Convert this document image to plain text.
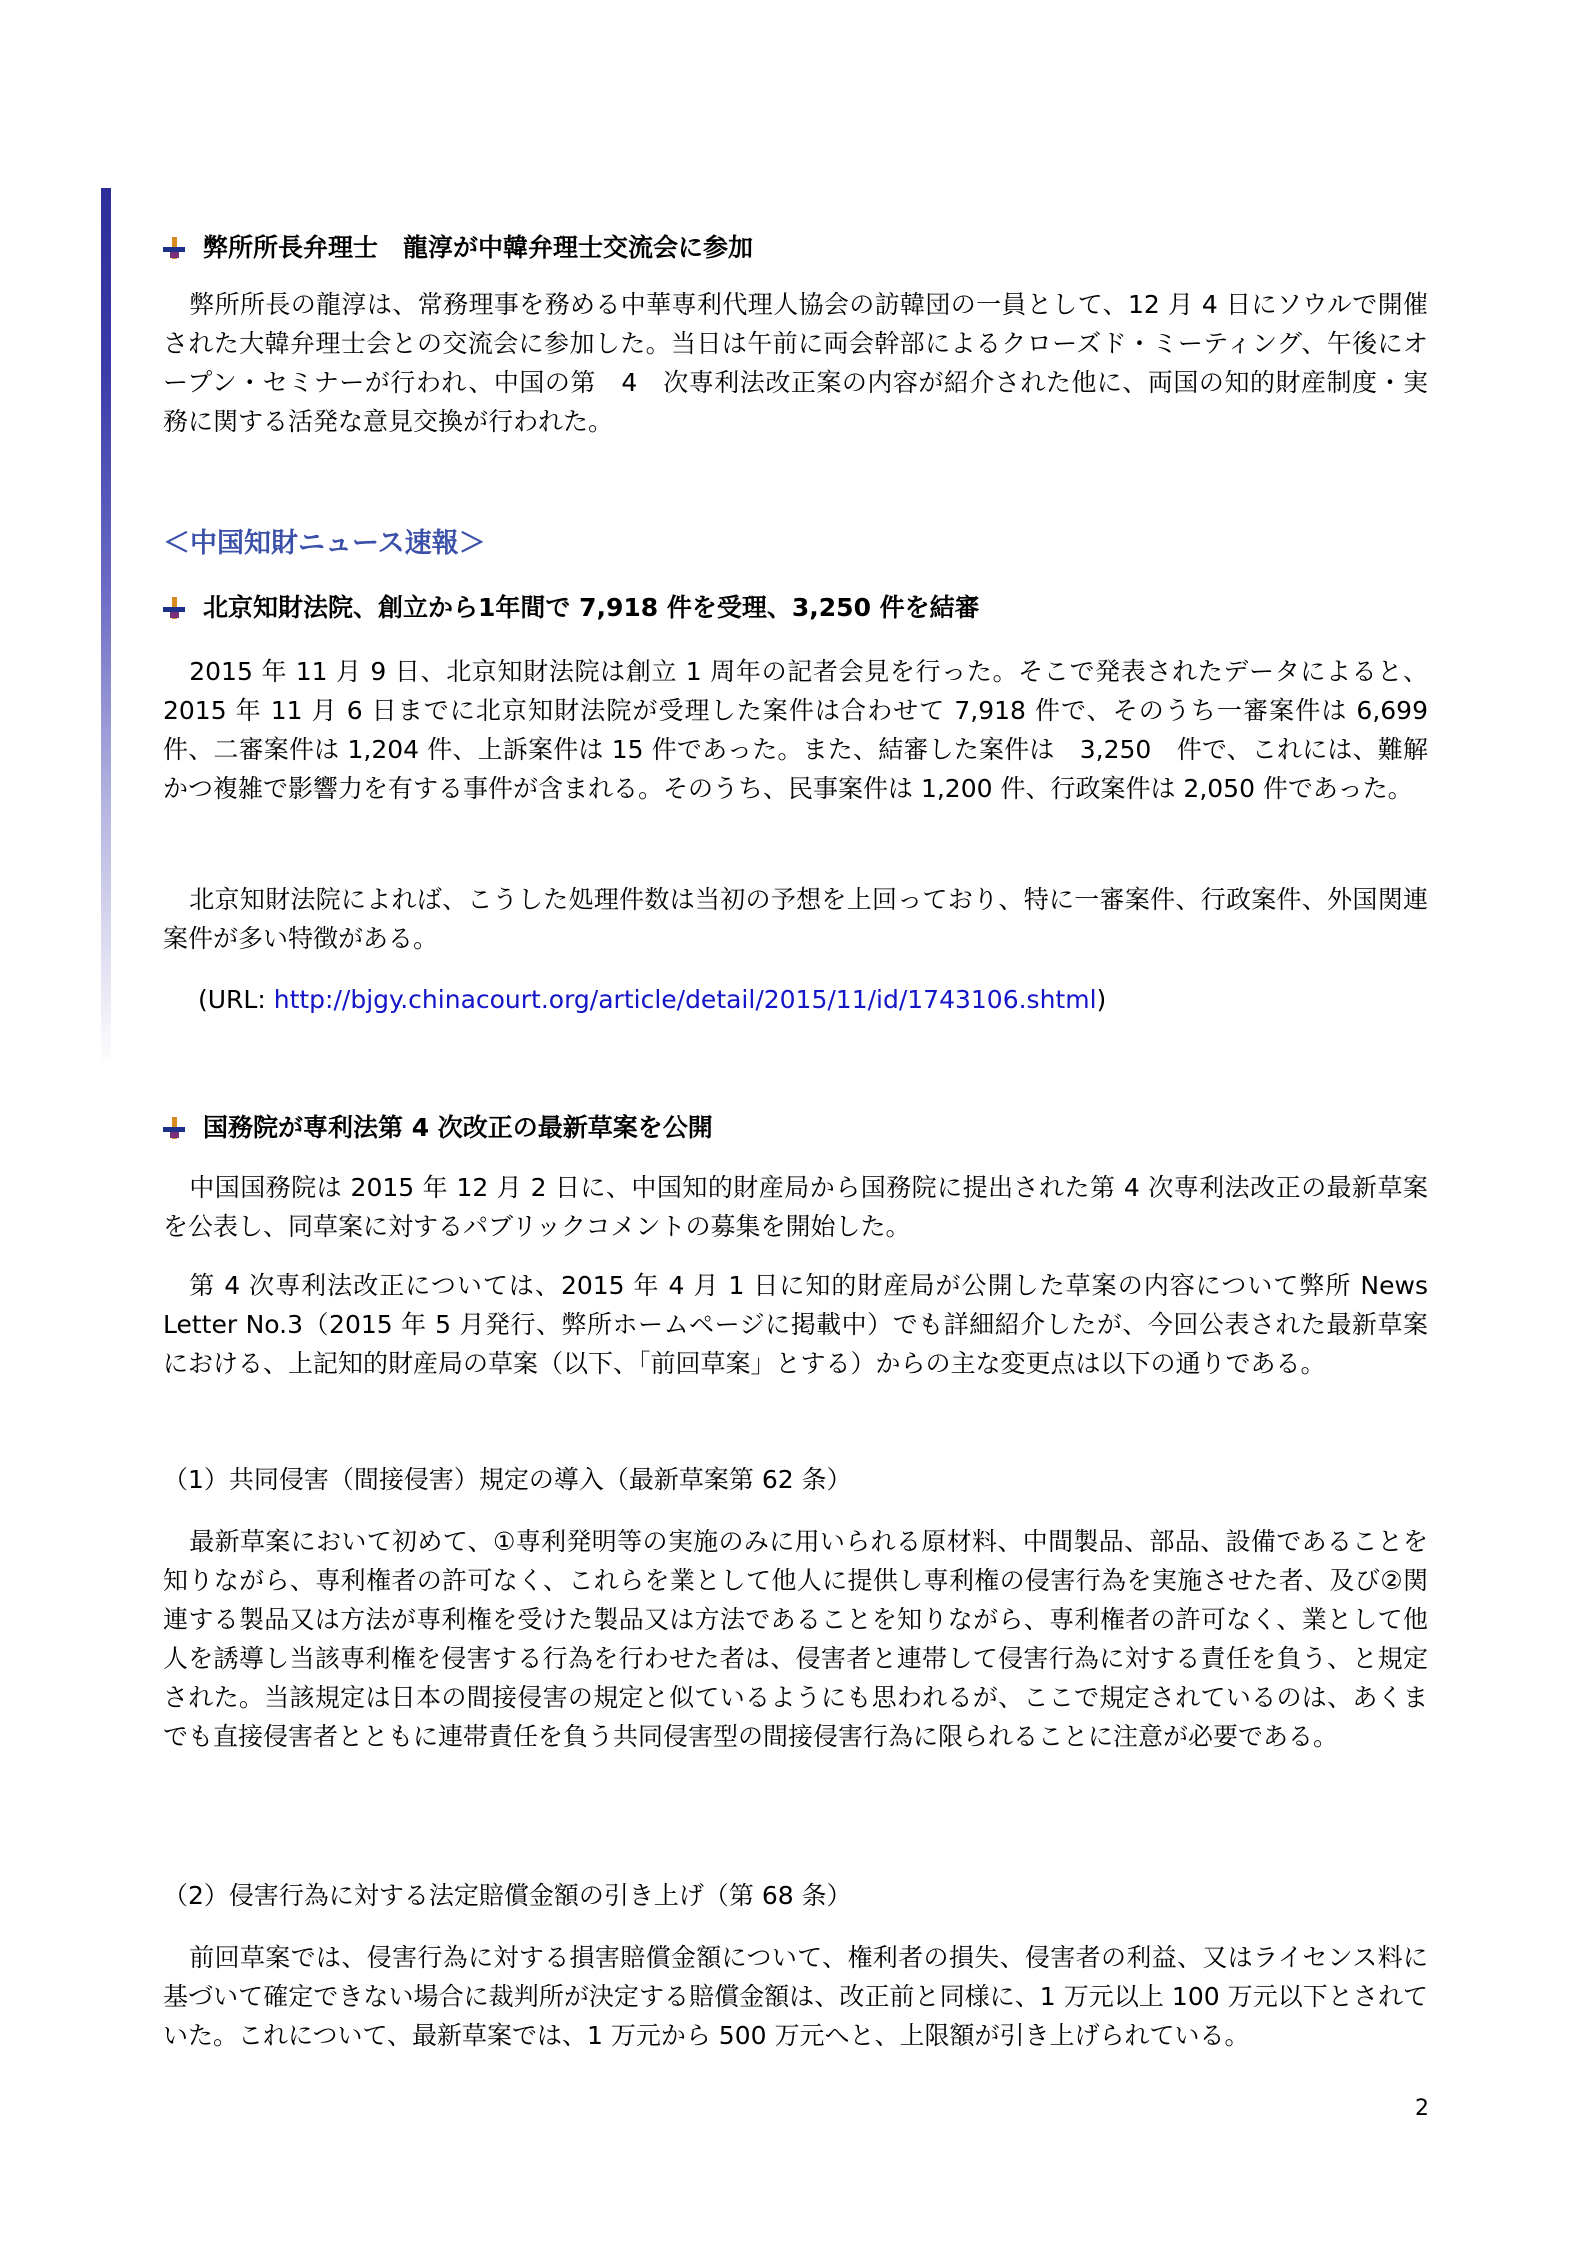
弊所所長弁理士　龍淳が中韓弁理士交流会に参加

弊所所長の龍淳は、常務理事を務める中華専利代理人協会の訪韓団の一員として、12 月 4 日にソウルで開催された大韓弁理士会との交流会に参加した。当日は午前に両会幹部によるクローズド・ミーティング、午後にオープン・セミナーが行われ、中国の第　4　次専利法改正案の内容が紹介された他に、両国の知的財産制度・実務に関する活発な意見交換が行われた。

＜中国知財ニュース速報＞
北京知財法院、創立から1年間で 7,918 件を受理、3,250 件を結審

2015 年 11 月 9 日、北京知財法院は創立 1 周年の記者会見を行った。そこで発表されたデータによると、2015 年 11 月 6 日までに北京知財法院が受理した案件は合わせて 7,918 件で、そのうち一審案件は 6,699 件、二審案件は 1,204 件、上訴案件は 15 件であった。また、結審した案件は　3,250　件で、これには、難解かつ複雑で影響力を有する事件が含まれる。そのうち、民事案件は 1,200 件、行政案件は 2,050 件であった。

北京知財法院によれば、こうした処理件数は当初の予想を上回っており、特に一審案件、行政案件、外国関連案件が多い特徴がある。

(URL: http://bjgy.chinacourt.org/article/detail/2015/11/id/1743106.shtml)
国務院が専利法第 4 次改正の最新草案を公開

中国国務院は 2015 年 12 月 2 日に、中国知的財産局から国務院に提出された第 4 次専利法改正の最新草案を公表し、同草案に対するパブリックコメントの募集を開始した。

第 4 次専利法改正については、2015 年 4 月 1 日に知的財産局が公開した草案の内容について弊所 News Letter No.3（2015 年 5 月発行、弊所ホームページに掲載中）でも詳細紹介したが、今回公表された最新草案における、上記知的財産局の草案（以下、「前回草案」とする）からの主な変更点は以下の通りである。

（1）共同侵害（間接侵害）規定の導入（最新草案第 62 条）

最新草案において初めて、①専利発明等の実施のみに用いられる原材料、中間製品、部品、設備であることを知りながら、専利権者の許可なく、これらを業として他人に提供し専利権の侵害行為を実施させた者、及び②関連する製品又は方法が専利権を受けた製品又は方法であることを知りながら、専利権者の許可なく、業として他人を誘導し当該専利権を侵害する行為を行わせた者は、侵害者と連帯して侵害行為に対する責任を負う、と規定された。当該規定は日本の間接侵害の規定と似ているようにも思われるが、ここで規定されているのは、あくまでも直接侵害者とともに連帯責任を負う共同侵害型の間接侵害行為に限られることに注意が必要である。

（2）侵害行為に対する法定賠償金額の引き上げ（第 68 条）

前回草案では、侵害行為に対する損害賠償金額について、権利者の損失、侵害者の利益、又はライセンス料に基づいて確定できない場合に裁判所が決定する賠償金額は、改正前と同様に、1 万元以上 100 万元以下とされていた。これについて、最新草案では、1 万元から 500 万元へと、上限額が引き上げられている。

2
